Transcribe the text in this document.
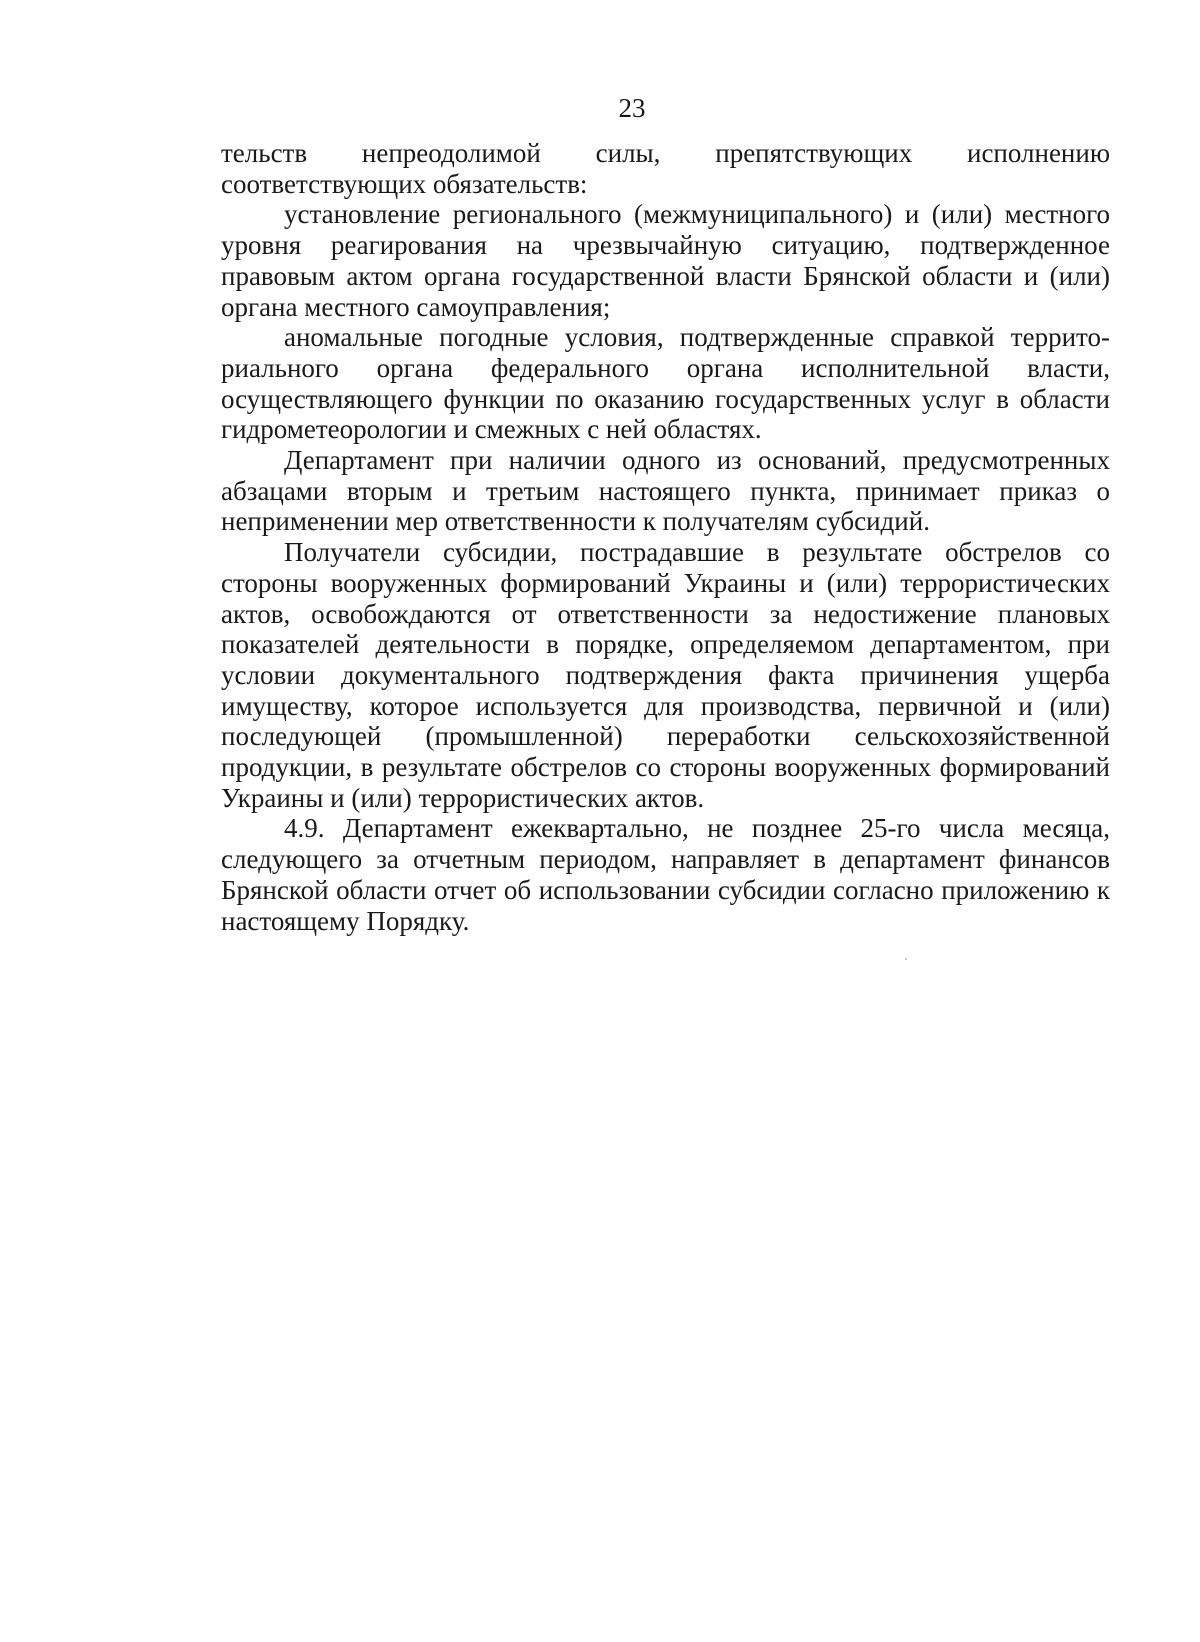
23

тельств непреодолимой силы, препятствующих исполнению соответствующих обязательств:

установление регионального (межмуниципального) и (или) местного уровня реагирования на чрезвычайную ситуацию, подтвержденное правовым актом органа государственной власти Брянской области и (или) органа местного самоуправления;

аномальные погодные условия, подтвержденные справкой территориального органа федерального органа исполнительной власти, осуществляющего функции по оказанию государственных услуг в области гидрометеорологии и смежных с ней областях.

Департамент при наличии одного из оснований, предусмотренных абзацами вторым и третьим настоящего пункта, принимает приказ о неприменении мер ответственности к получателям субсидий.

Получатели субсидии, пострадавшие в результате обстрелов со стороны вооруженных формирований Украины и (или) террористических актов, освобождаются от ответственности за недостижение плановых показателей деятельности в порядке, определяемом департаментом, при условии документального подтверждения факта причинения ущерба имуществу, которое используется для производства, первичной и (или) последующей (промышленной) переработки сельскохозяйственной продукции, в результате обстрелов со стороны вооруженных формирований Украины и (или) террористических актов.

4.9. Департамент ежеквартально, не позднее 25-го числа месяца, следующего за отчетным периодом, направляет в департамент финансов Брянской области отчет об использовании субсидии согласно приложению к настоящему Порядку.
